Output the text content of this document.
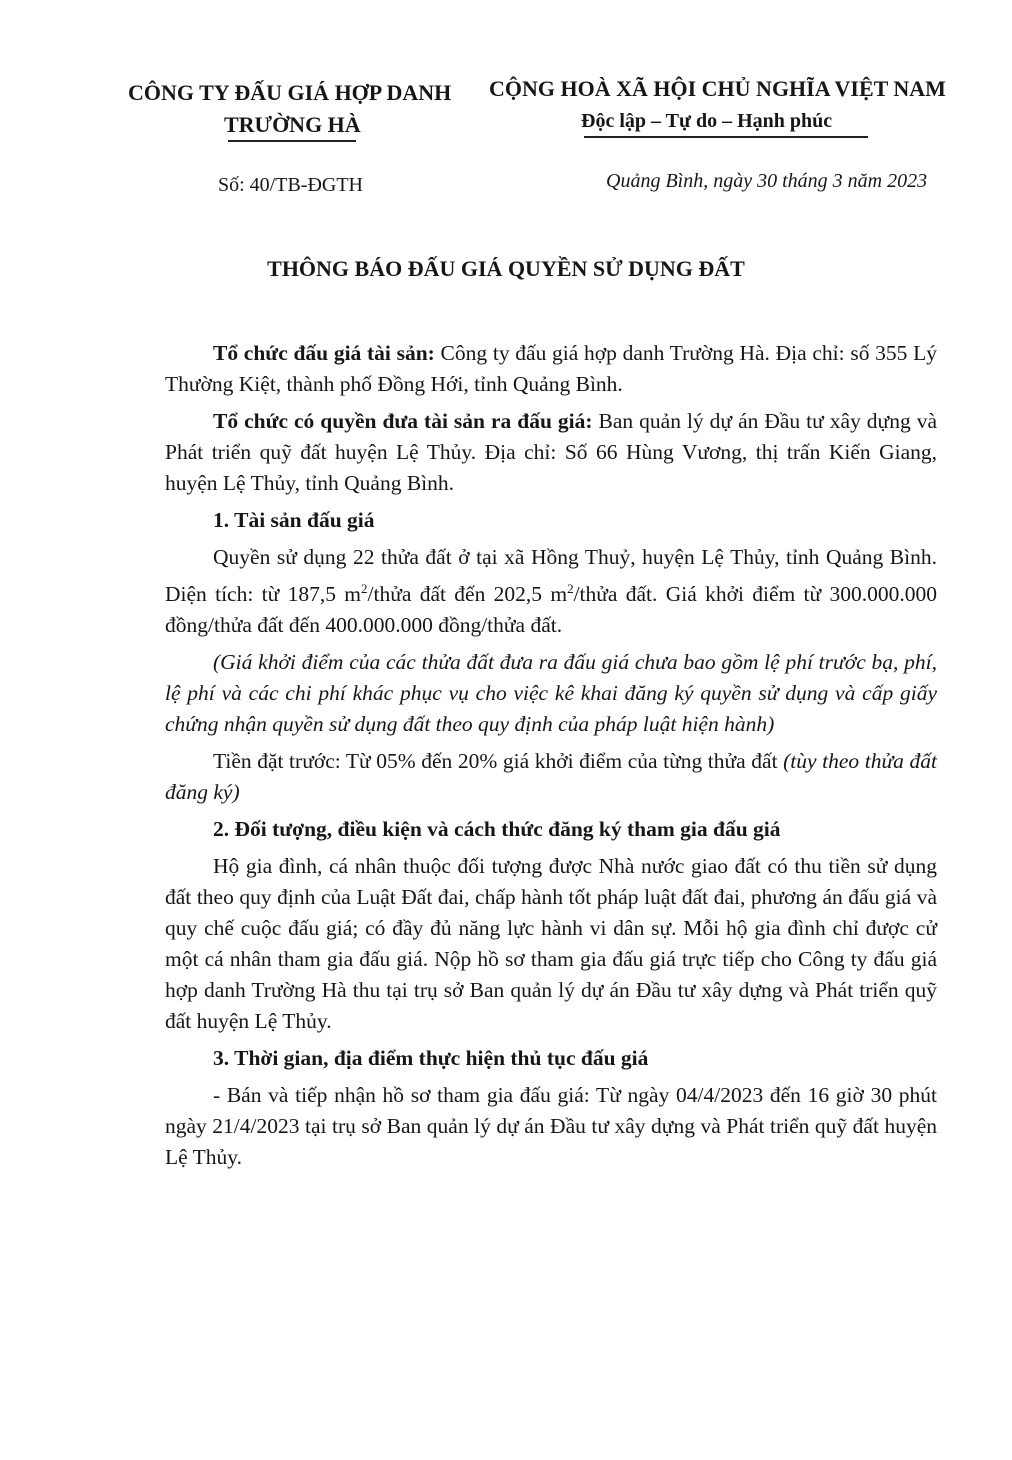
CÔNG TY ĐẤU GIÁ HỢP DANH
TRƯỜNG HÀ
CỘNG HOÀ XÃ HỘI CHỦ NGHĨA VIỆT NAM
Độc lập – Tự do – Hạnh phúc
Số: 40/TB-ĐGTH	Quảng Bình, ngày 30 tháng 3 năm 2023
THÔNG BÁO ĐẤU GIÁ QUYỀN SỬ DỤNG ĐẤT

Tổ chức đấu giá tài sản: Công ty đấu giá hợp danh Trường Hà. Địa chỉ: số 355 Lý Thường Kiệt, thành phố Đồng Hới, tỉnh Quảng Bình.

Tổ chức có quyền đưa tài sản ra đấu giá: Ban quản lý dự án Đầu tư xây dựng và Phát triển quỹ đất huyện Lệ Thủy. Địa chỉ: Số 66 Hùng Vương, thị trấn Kiến Giang, huyện Lệ Thủy, tỉnh Quảng Bình.

1. Tài sản đấu giá

Quyền sử dụng 22 thửa đất ở tại xã Hồng Thuỷ, huyện Lệ Thủy, tỉnh Quảng Bình. Diện tích: từ 187,5 $m^2$/thửa đất đến 202,5 $m^2$/thửa đất. Giá khởi điểm từ 300.000.000 đồng/thửa đất đến 400.000.000 đồng/thửa đất.

(Giá khởi điểm của các thửa đất đưa ra đấu giá chưa bao gồm lệ phí trước bạ, phí, lệ phí và các chi phí khác phục vụ cho việc kê khai đăng ký quyền sử dụng và cấp giấy chứng nhận quyền sử dụng đất theo quy định của pháp luật hiện hành)

Tiền đặt trước: Từ 05% đến 20% giá khởi điểm của từng thửa đất (tùy theo thửa đất đăng ký)

2. Đối tượng, điều kiện và cách thức đăng ký tham gia đấu giá

Hộ gia đình, cá nhân thuộc đối tượng được Nhà nước giao đất có thu tiền sử dụng đất theo quy định của Luật Đất đai, chấp hành tốt pháp luật đất đai, phương án đấu giá và quy chế cuộc đấu giá; có đầy đủ năng lực hành vi dân sự. Mỗi hộ gia đình chỉ được cử một cá nhân tham gia đấu giá. Nộp hồ sơ tham gia đấu giá trực tiếp cho Công ty đấu giá hợp danh Trường Hà thu tại trụ sở Ban quản lý dự án Đầu tư xây dựng và Phát triển quỹ đất huyện Lệ Thủy.

3. Thời gian, địa điểm thực hiện thủ tục đấu giá

- Bán và tiếp nhận hồ sơ tham gia đấu giá: Từ ngày 04/4/2023 đến 16 giờ 30 phút ngày 21/4/2023 tại trụ sở Ban quản lý dự án Đầu tư xây dựng và Phát triển quỹ đất huyện Lệ Thủy.
